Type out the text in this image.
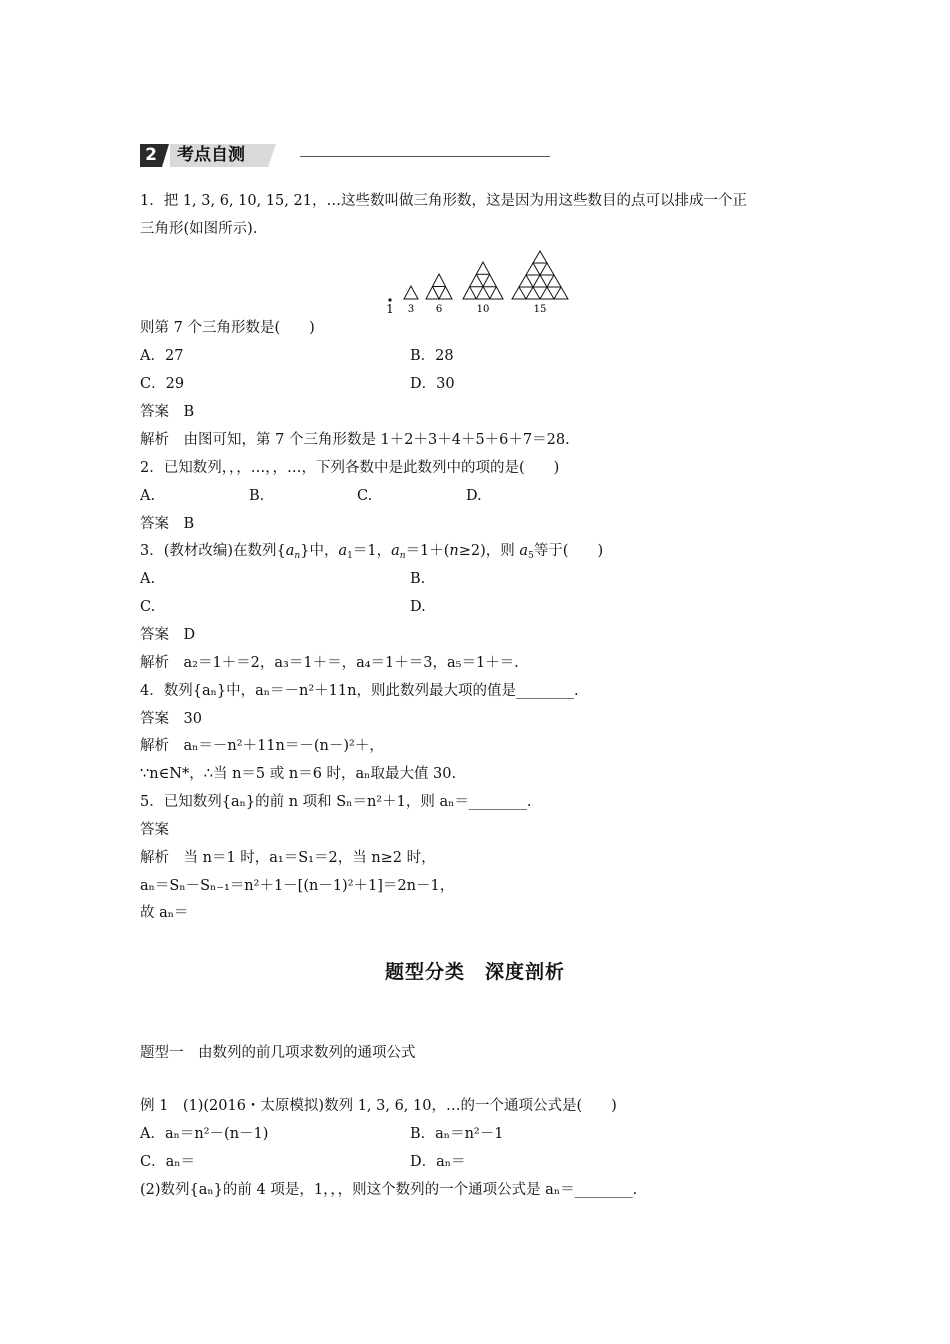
2 考点自测
1．把 1, 3, 6, 10, 15, 21，…这些数叫做三角形数，这是因为用这些数目的点可以排成一个正
三角形(如图所示).
1 3 6	10	15
则第 7 个三角形数是(　　)
A．27	B．28
C．29	D．30
答案　B
解析　由图可知，第 7 个三角形数是 1＋2＋3＋4＋5＋6＋7＝28.
2．已知数列，，，…，，…，下列各数中是此数列中的项的是(　　)
A.	B.	C.	D.
答案　B
3．(教材改编)在数列$\{a_n\}$中，$a_1=1$，$a_n=1+(n\ge 2)$，则 $a_5$等于(　　)
A.	B.
C.	D.
答案　D
解析　a₂＝1＋＝2，a₃＝1＋＝，a₄＝1＋＝3，a₅＝1＋＝.
4．数列{aₙ}中，aₙ＝－n²＋11n，则此数列最大项的值是________.
答案　30
解析　aₙ＝－n²＋11n＝－(n－)²＋，
∵n∈N*，∴当 n＝5 或 n＝6 时，aₙ取最大值 30.
5．已知数列{aₙ}的前 n 项和 Sₙ＝n²＋1，则 aₙ＝________.
答案
解析　当 n＝1 时，a₁＝S₁＝2，当 n≥2 时，
aₙ＝Sₙ－Sₙ₋₁＝n²＋1－[(n－1)²＋1]＝2n－1，
故 aₙ＝
题型分类　深度剖析
题型一　由数列的前几项求数列的通项公式
例 1　(1)(2016・太原模拟)数列 1, 3, 6, 10，…的一个通项公式是(　　)
A．aₙ＝n²－(n－1)	B．aₙ＝n²－1
C．aₙ＝	D．aₙ＝
(2)数列{aₙ}的前 4 项是，1，，，则这个数列的一个通项公式是 aₙ＝________.
